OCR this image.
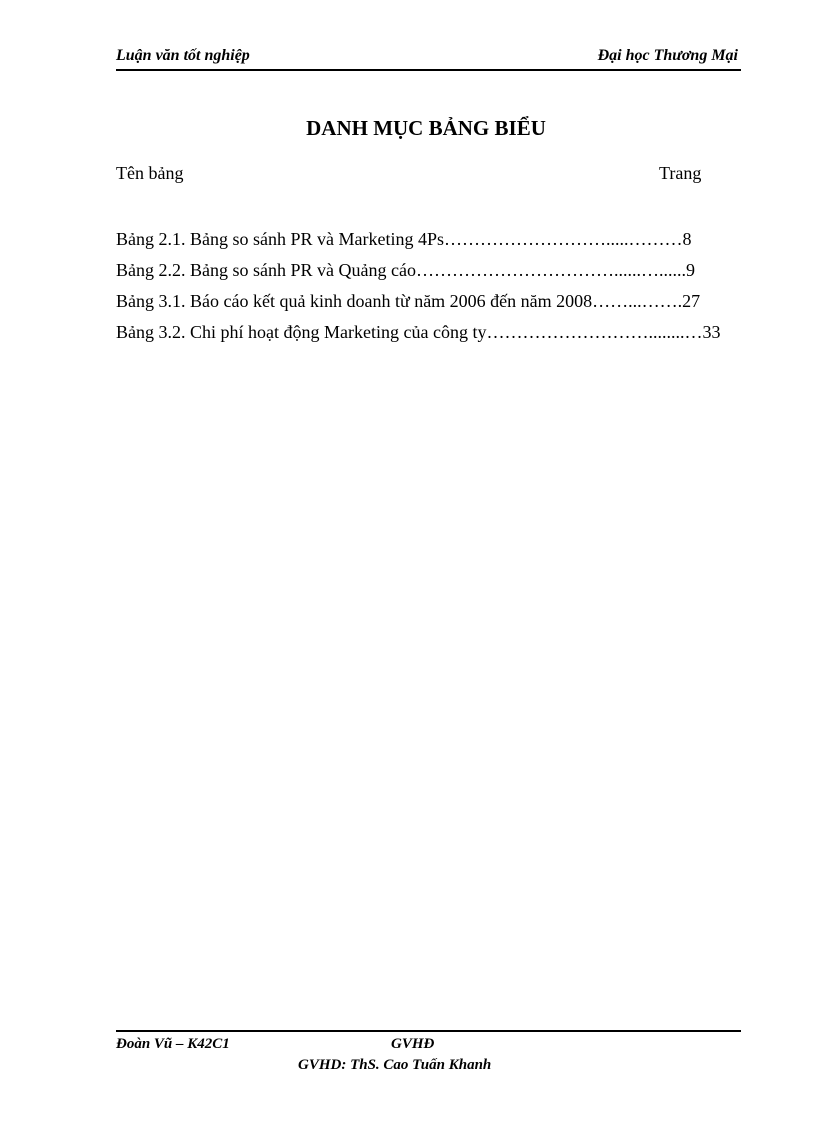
Luận văn tốt nghiệp	Đại học Thương Mại
DANH MỤC BẢNG BIỂU
Tên bảng	Trang
Bảng 2.1. Bảng so sánh PR và Marketing 4Ps……………………….....………8
Bảng 2.2. Bảng so sánh PR và Quảng cáo……………………………......…......9
Bảng 3.1. Báo cáo kết quả kinh doanh từ năm 2006 đến năm 2008……...…….27
Bảng 3.2. Chi phí hoạt động Marketing của công ty………………………........…33
Đoàn Vũ – K42C1	GVHĐ
GVHD: ThS. Cao Tuấn Khanh
